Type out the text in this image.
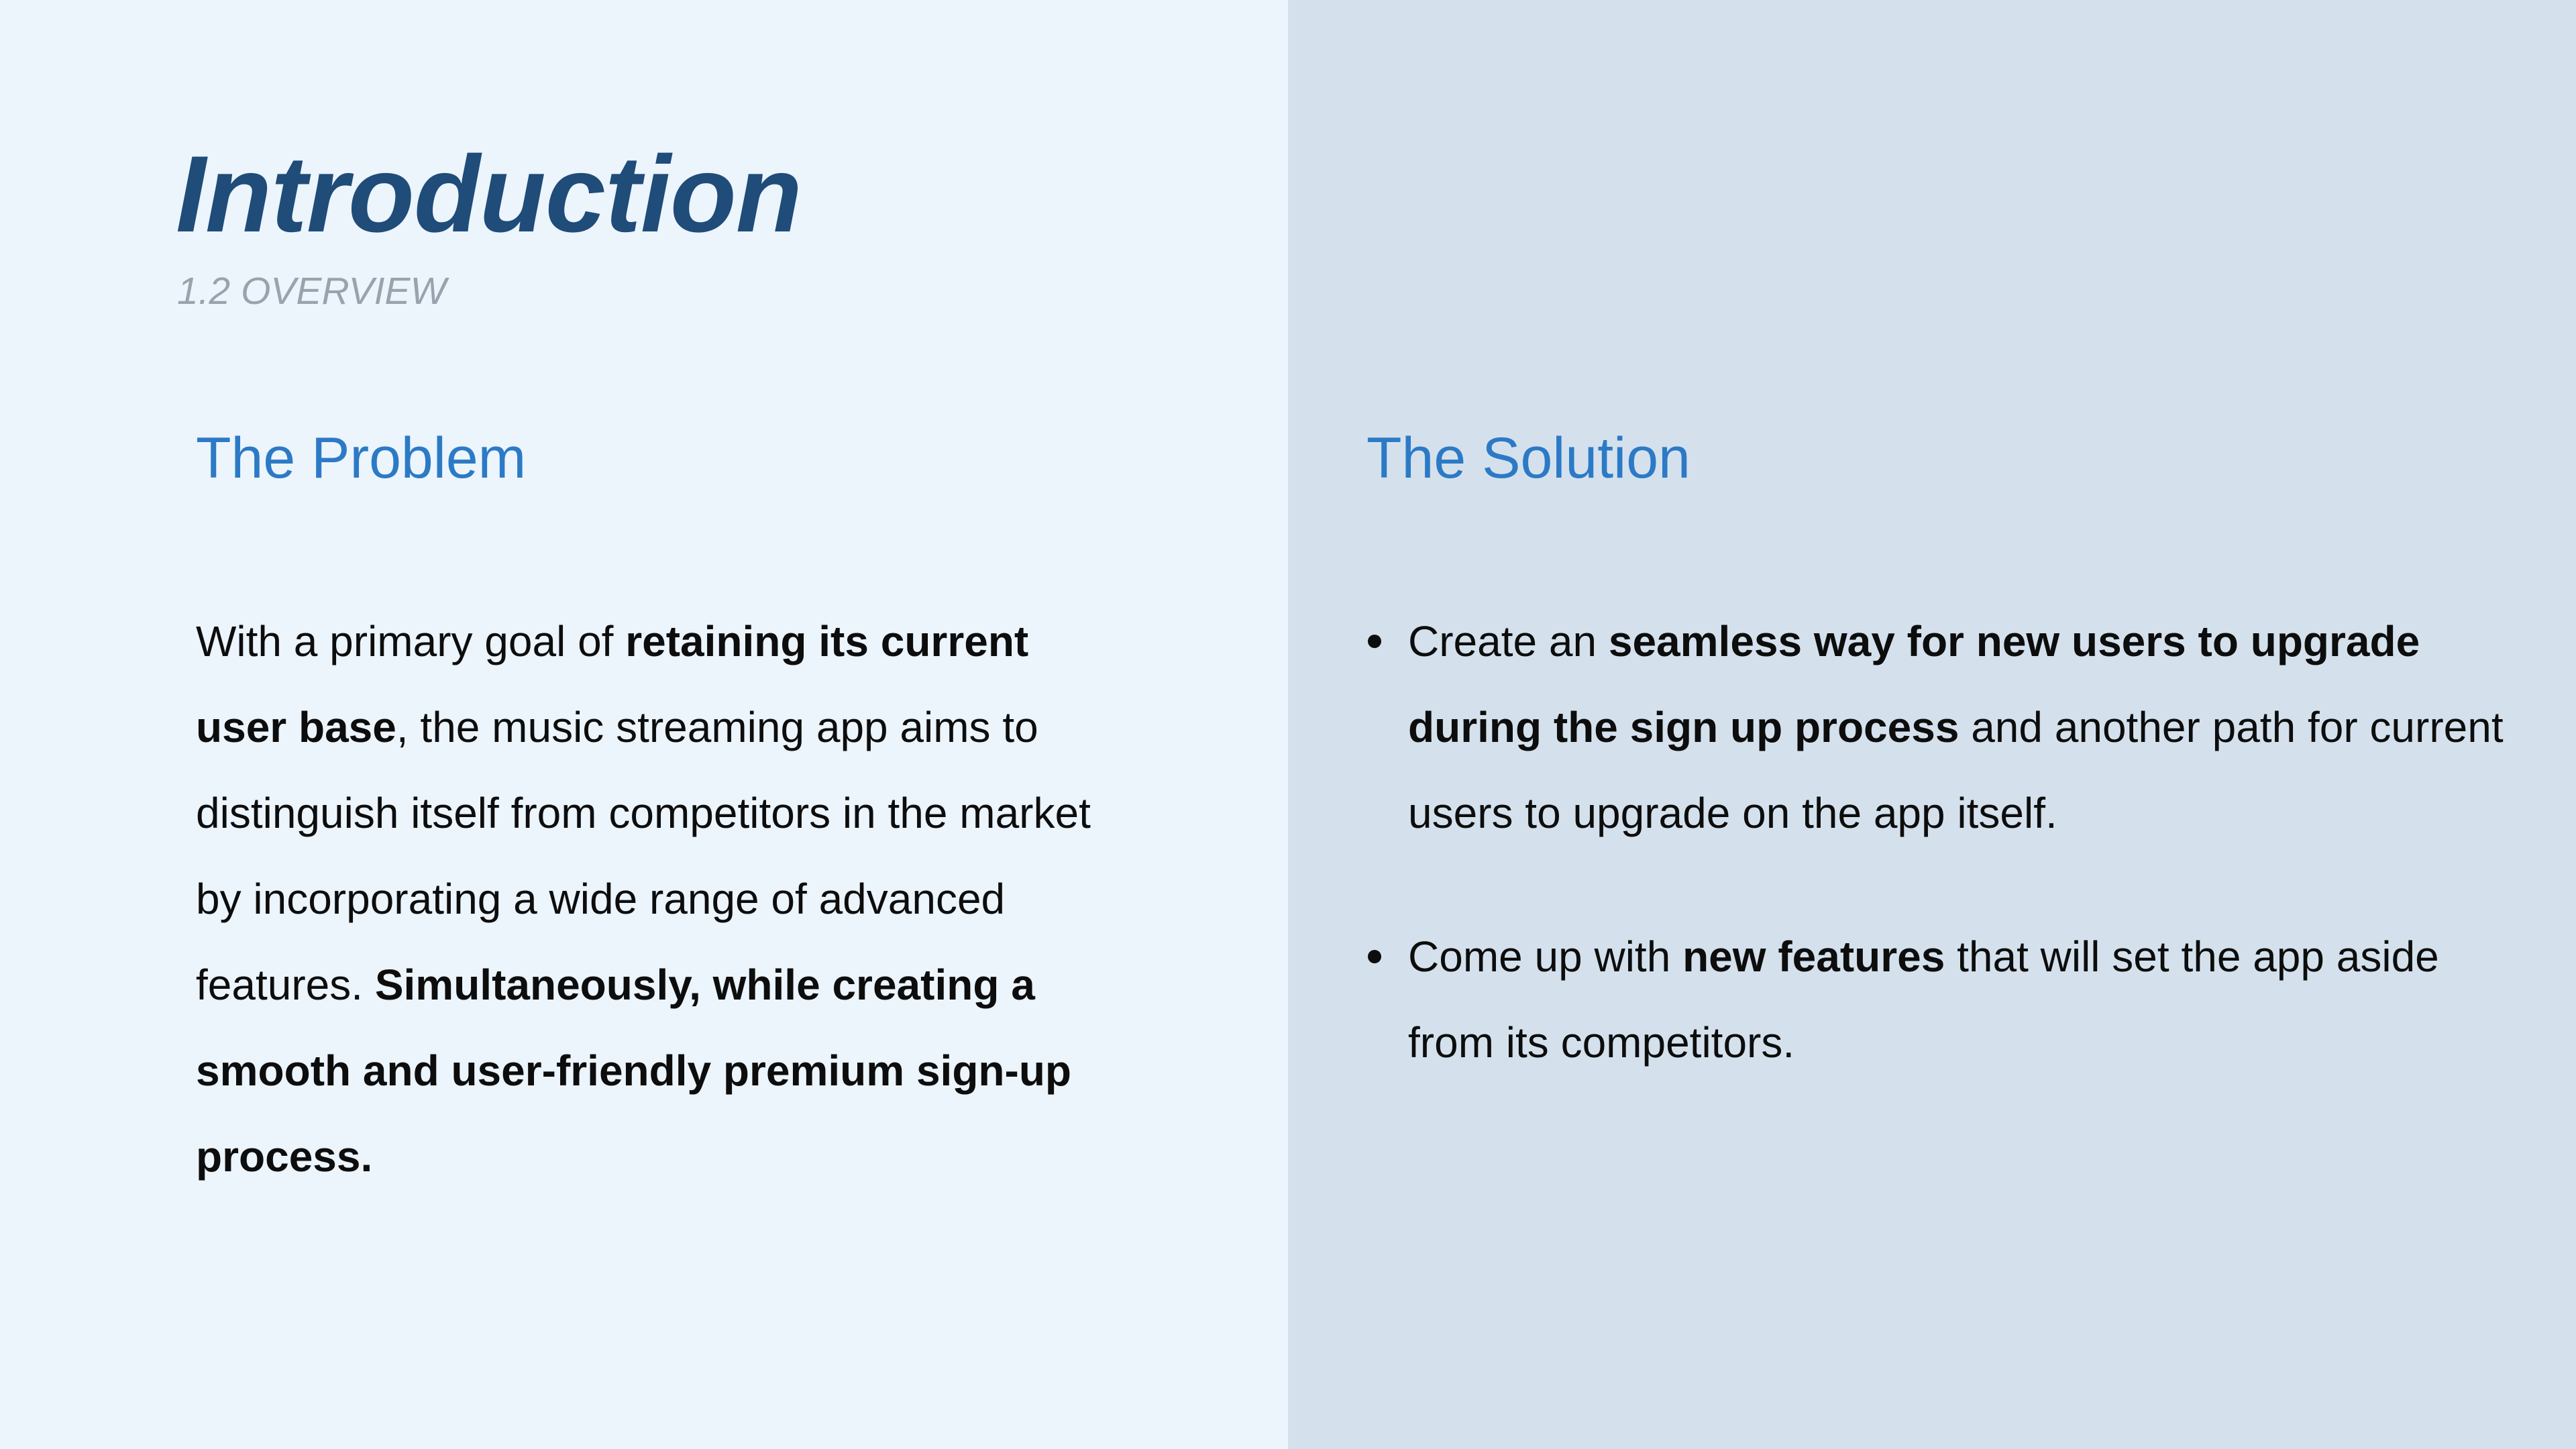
Introduction
1.2 OVERVIEW
The Problem

With a primary goal of retaining its current user base, the music streaming app aims to distinguish itself from competitors in the market by incorporating a wide range of advanced features. Simultaneously, while creating a smooth and user-friendly premium sign-up process.

The Solution
Create an seamless way for new users to upgrade during the sign up process and another path for current users to upgrade on the app itself.
Come up with new features that will set the app aside from its competitors.
